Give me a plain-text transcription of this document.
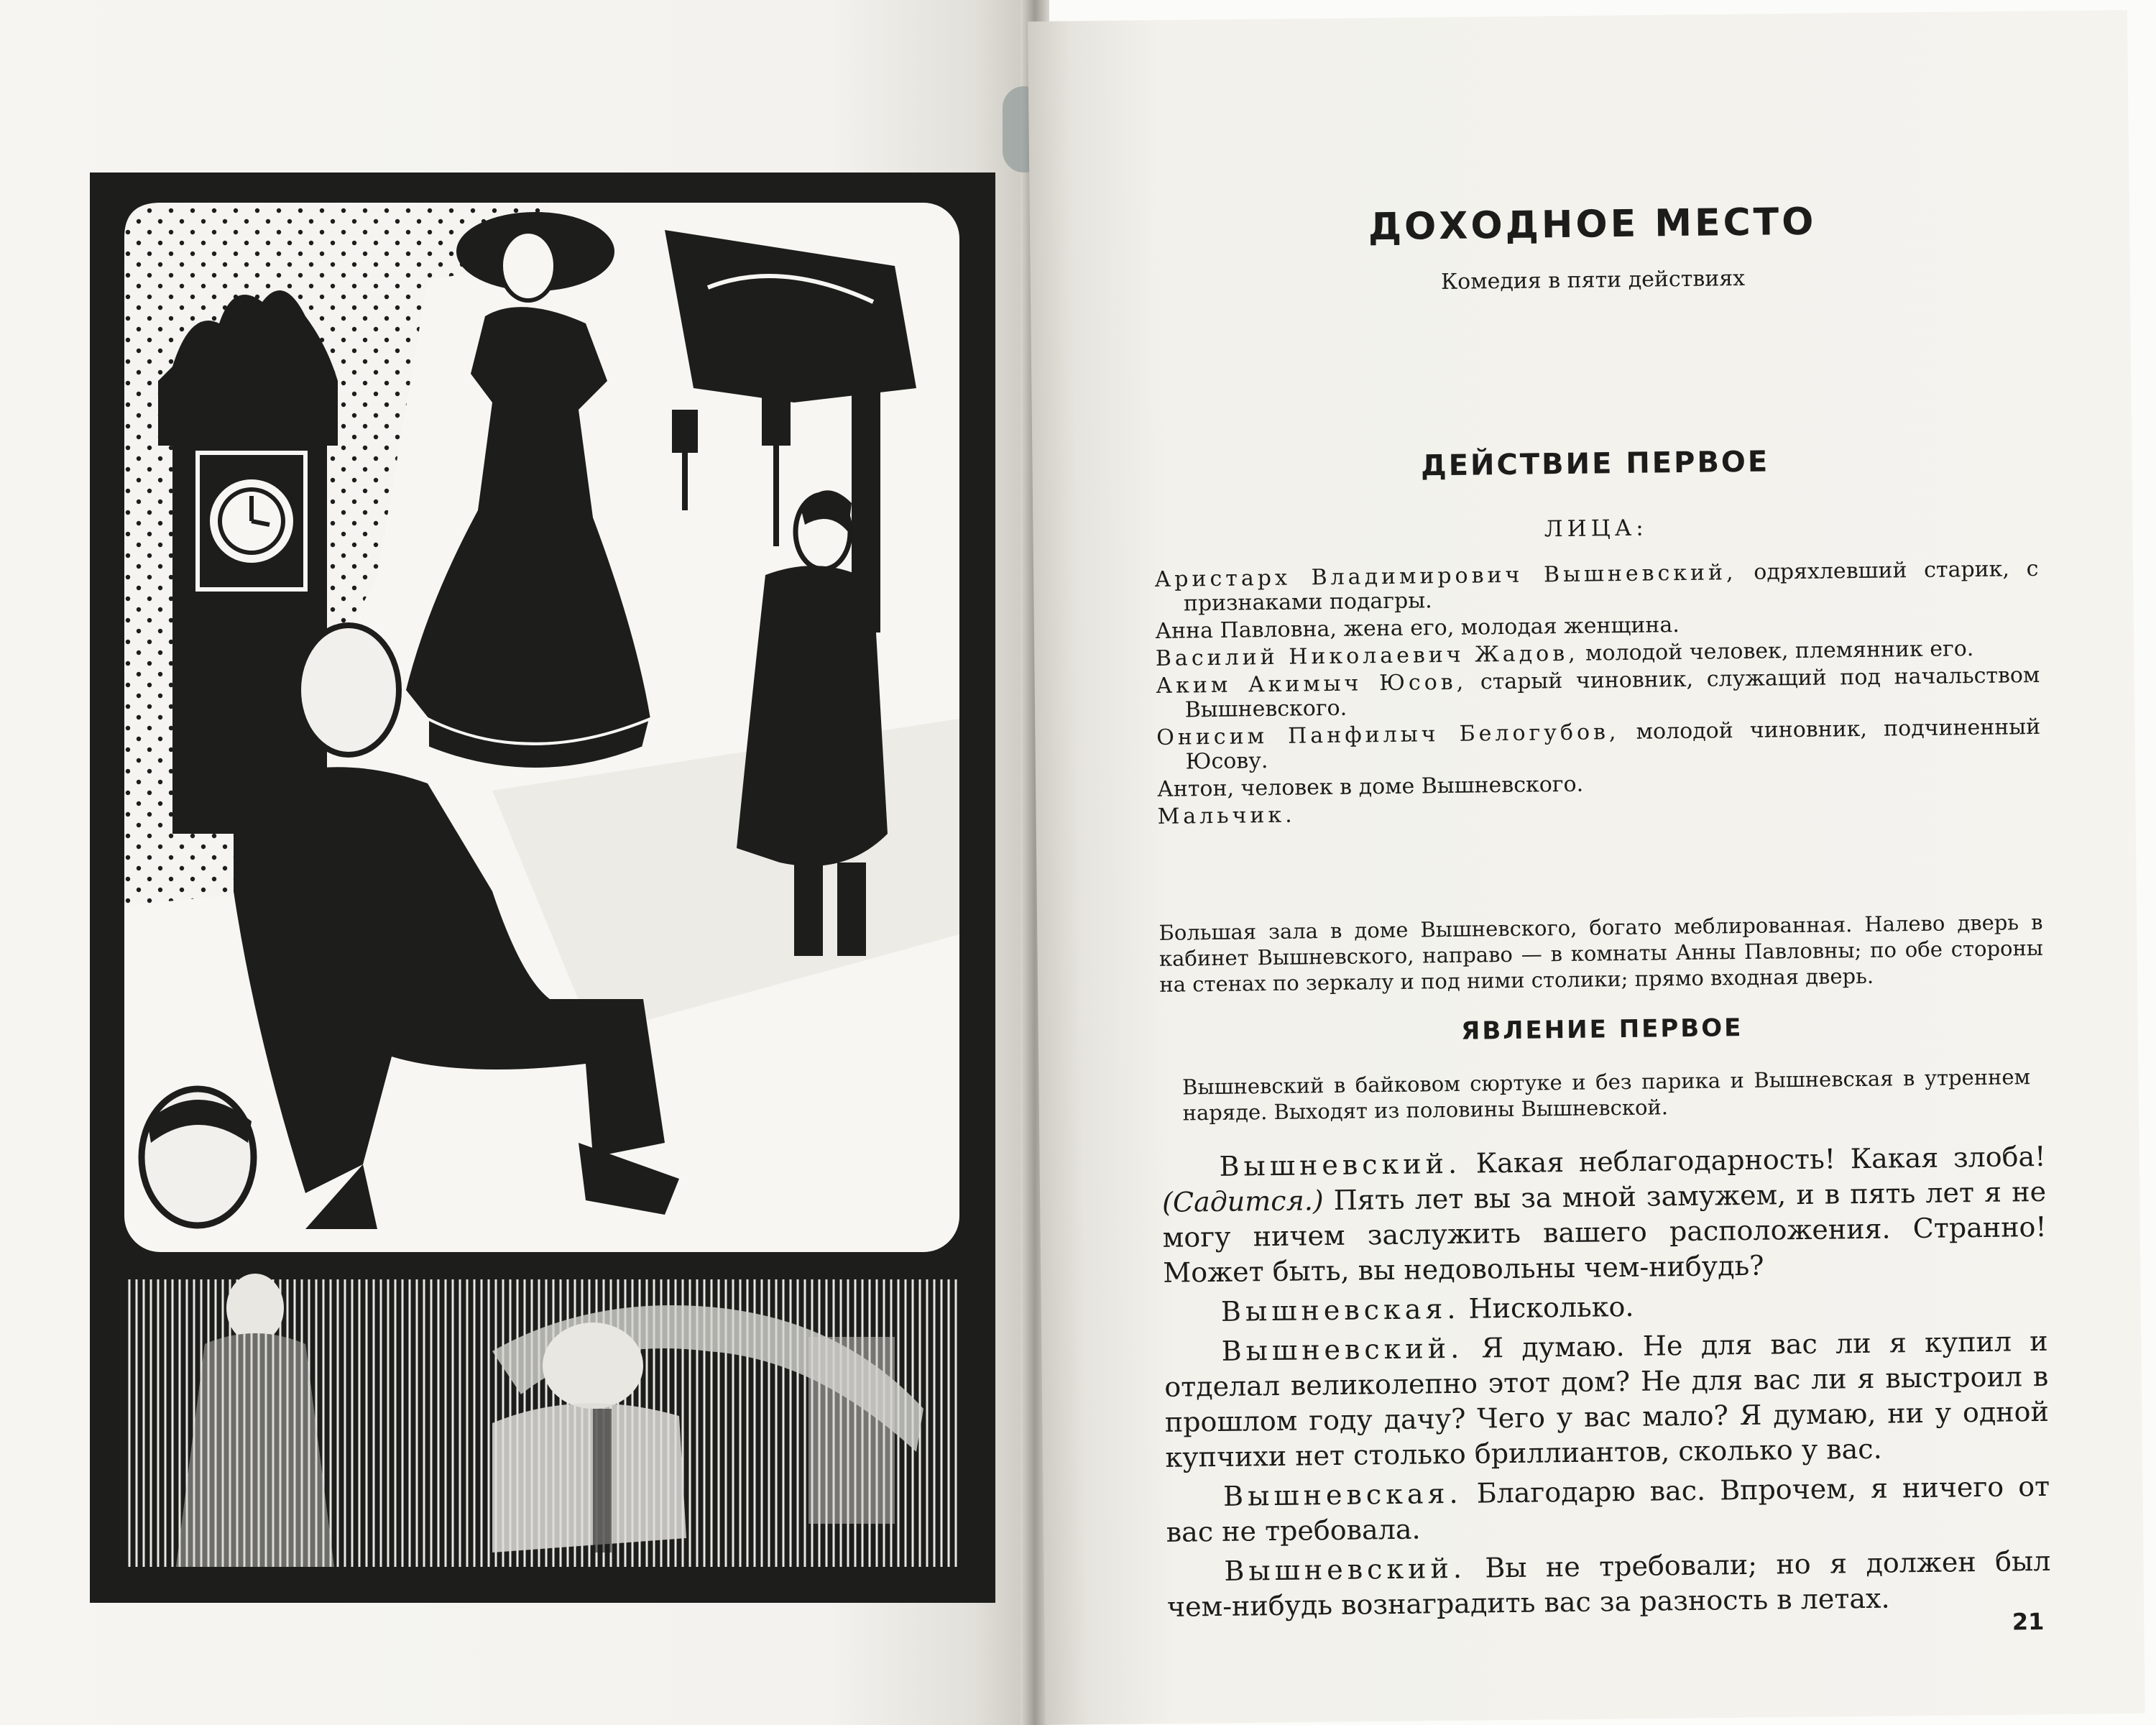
ДОХОДНОЕ МЕСТО
Комедия в пяти действиях
ДЕЙСТВИЕ ПЕРВОЕ
ЛИЦА:
Аристарх Владимирович Вышневский, одряхлевший старик, с признаками подагры.
Анна Павловна, жена его, молодая женщина.
Василий Николаевич Жадов, молодой человек, племянник его.
Аким Акимыч Юсов, старый чиновник, служащий под начальством Вышневского.
Онисим Панфилыч Белогубов, молодой чиновник, подчиненный Юсову.
Антон, человек в доме Вышневского.
Мальчик.
Большая зала в доме Вышневского, богато меблированная. Налево дверь в кабинет Вышневского, направо — в комнаты Анны Павловны; по обе стороны на стенах по зеркалу и под ними столики; прямо входная дверь.
ЯВЛЕНИЕ ПЕРВОЕ
Вышневский в байковом сюртуке и без парика и Вышневская в утреннем наряде. Выходят из половины Вышневской.

Вышневский. Какая неблагодарность! Какая злоба! (Садится.) Пять лет вы за мной замужем, и в пять лет я не могу ничем заслужить вашего расположения. Странно! Может быть, вы недовольны чем-нибудь?

Вышневская. Нисколько.

Вышневский. Я думаю. Не для вас ли я купил и отделал великолепно этот дом? Не для вас ли я выстроил в прошлом году дачу? Чего у вас мало? Я думаю, ни у одной купчихи нет столько бриллиантов, сколько у вас.

Вышневская. Благодарю вас. Впрочем, я ничего от вас не требовала.

Вышневский. Вы не требовали; но я должен был чем-нибудь вознаградить вас за разность в летах.	21
